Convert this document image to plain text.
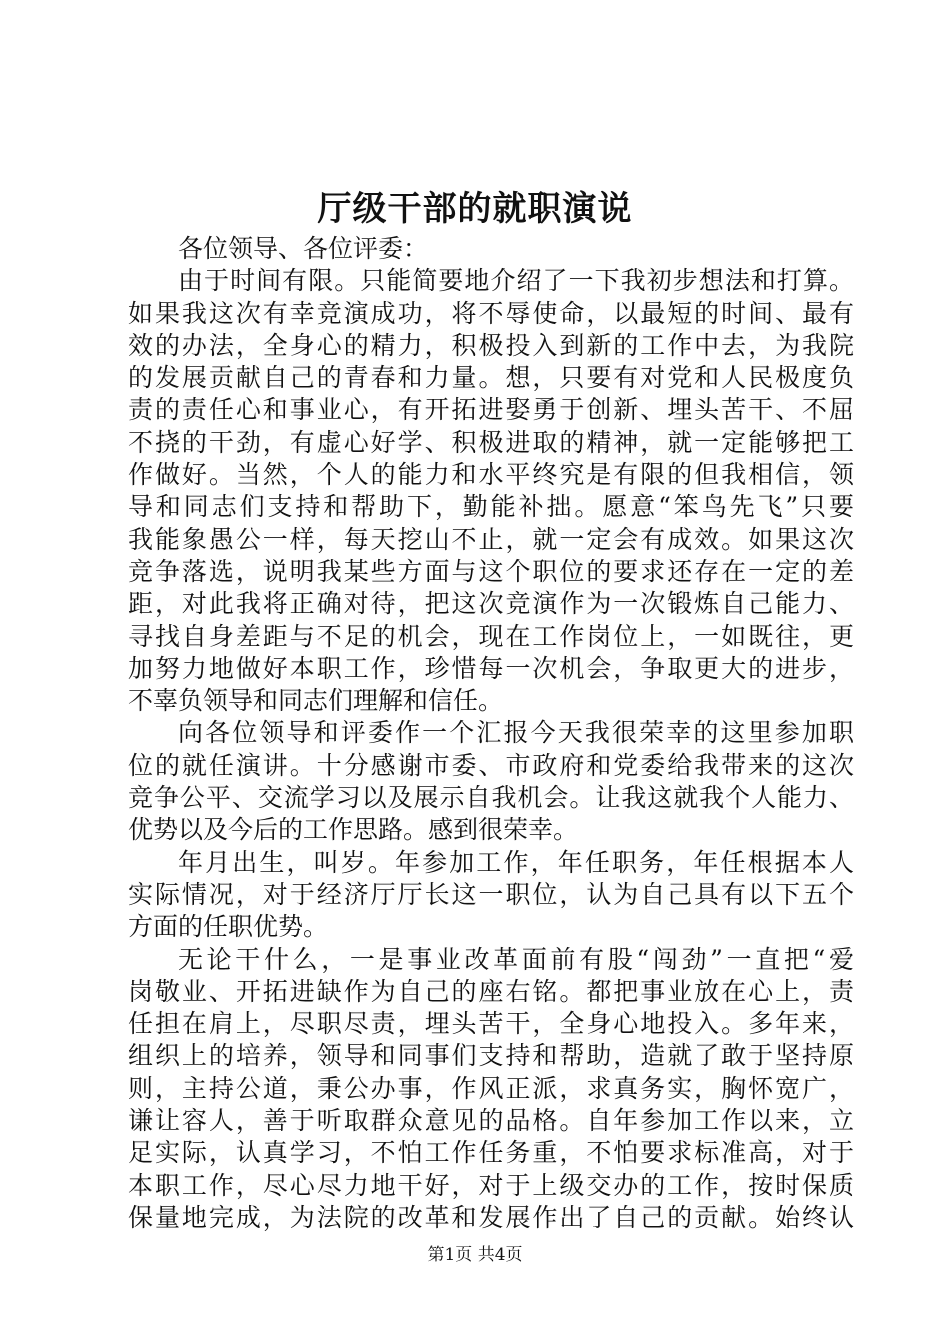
厅级干部的就职演说
各位领导、各位评委：
由于时间有限。只能简要地介绍了一下我初步想法和打算。
如果我这次有幸竞演成功，将不辱使命，以最短的时间、最有
效的办法，全身心的精力，积极投入到新的工作中去，为我院
的发展贡献自己的青春和力量。想，只要有对党和人民极度负
责的责任心和事业心，有开拓进娶勇于创新、埋头苦干、不屈
不挠的干劲，有虚心好学、积极进取的精神，就一定能够把工
作做好。当然，个人的能力和水平终究是有限的但我相信，领
导和同志们支持和帮助下，勤能补拙。愿意“笨鸟先飞”只要
我能象愚公一样，每天挖山不止，就一定会有成效。如果这次
竞争落选，说明我某些方面与这个职位的要求还存在一定的差
距，对此我将正确对待，把这次竞演作为一次锻炼自己能力、
寻找自身差距与不足的机会，现在工作岗位上，一如既往，更
加努力地做好本职工作，珍惜每一次机会，争取更大的进步，
不辜负领导和同志们理解和信任。
向各位领导和评委作一个汇报今天我很荣幸的这里参加职
位的就任演讲。十分感谢市委、市政府和党委给我带来的这次
竞争公平、交流学习以及展示自我机会。让我这就我个人能力、
优势以及今后的工作思路。感到很荣幸。
年月出生，叫岁。年参加工作，年任职务，年任根据本人
实际情况，对于经济厅厅长这一职位，认为自己具有以下五个
方面的任职优势。
无论干什么，一是事业改革面前有股“闯劲”一直把“爱
岗敬业、开拓进缺作为自己的座右铭。都把事业放在心上，责
任担在肩上，尽职尽责，埋头苦干，全身心地投入。多年来，
组织上的培养，领导和同事们支持和帮助，造就了敢于坚持原
则，主持公道，秉公办事，作风正派，求真务实，胸怀宽广，
谦让容人，善于听取群众意见的品格。自年参加工作以来，立
足实际，认真学习，不怕工作任务重，不怕要求标准高，对于
本职工作，尽心尽力地干好，对于上级交办的工作，按时保质
保量地完成，为法院的改革和发展作出了自己的贡献。始终认
第1页 共4页
